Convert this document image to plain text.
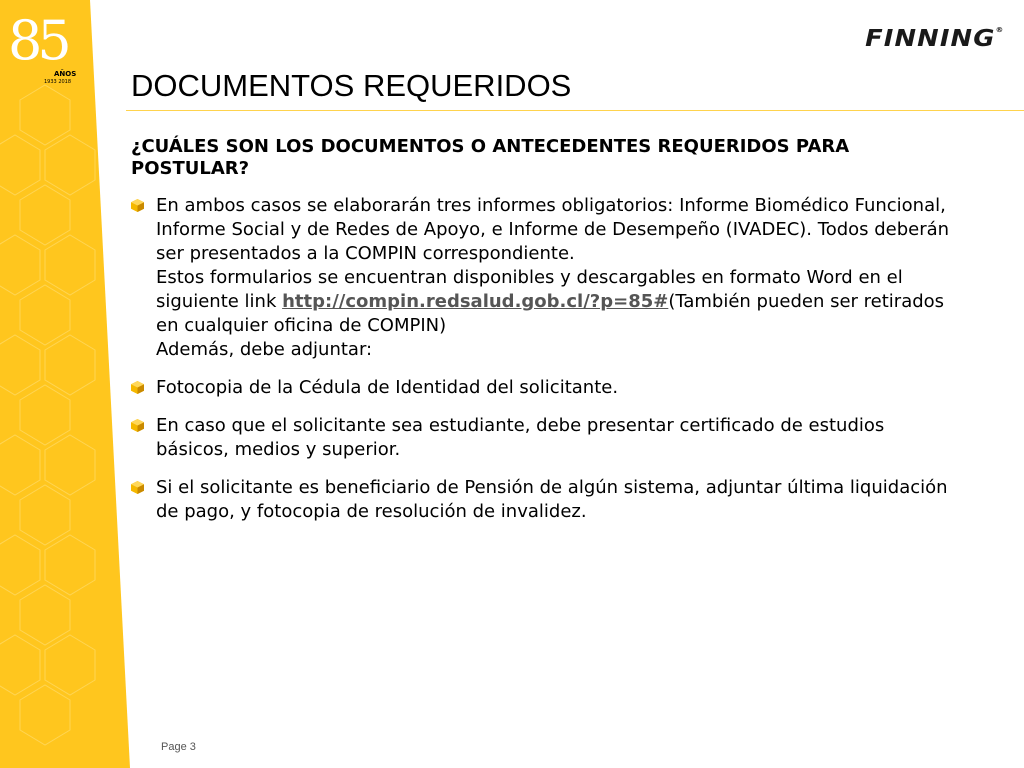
85
AÑOS
1933 2018
FINNING®
DOCUMENTOS REQUERIDOS

¿CUÁLES SON LOS DOCUMENTOS O ANTECEDENTES REQUERIDOS PARA POSTULAR?

En ambos casos se elaborarán tres informes obligatorios: Informe Biomédico Funcional, Informe Social y de Redes de Apoyo, e Informe de Desempeño (IVADEC). Todos deberán ser presentados a la COMPIN correspondiente.

Estos formularios se encuentran disponibles y descargables en formato Word en el siguiente link http://compin.redsalud.gob.cl/?p=85#(También pueden ser retirados en cualquier oficina de COMPIN)

Además, debe adjuntar:

Fotocopia de la Cédula de Identidad del solicitante.

En caso que el solicitante sea estudiante, debe presentar certificado de estudios básicos, medios y superior.

Si el solicitante es beneficiario de Pensión de algún sistema, adjuntar última liquidación de pago, y fotocopia de resolución de invalidez.

Page 3
